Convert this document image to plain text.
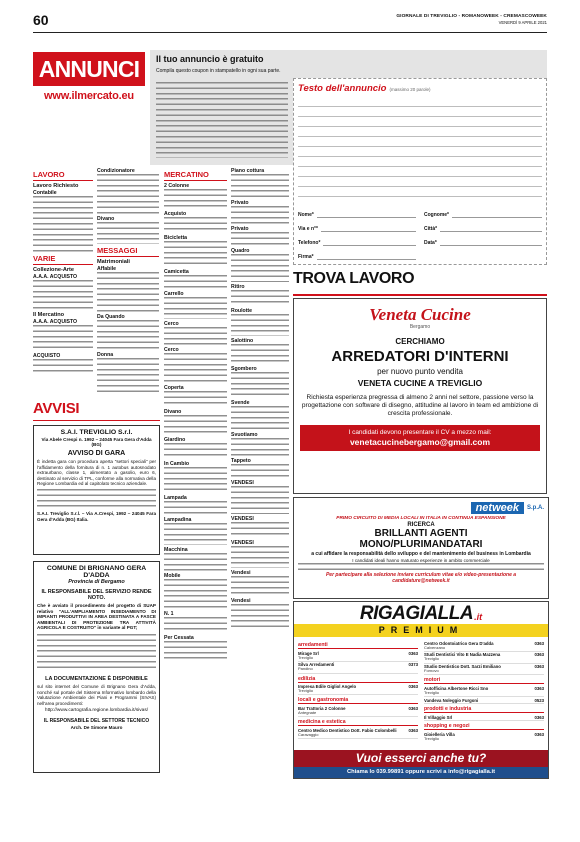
60	GIORNALE DI TREVIGLIO - ROMANOWEEK - CREMASCOWEEK
VENERDÌ 9 APRILE 2021
ANNUNCI
www.ilmercato.eu
Il tuo annuncio è gratuito
Compila questo coupon in stampatello in ogni sua parte.
Testo dell'annuncio (massimo 20 parole)
Nome*	Cognome*
Via e n°*	Città*
Telefono*	Data*
Firma*
LAVORO
Lavoro Richiesto
Contabile
VARIE
Collezione-Arte
A.A.A. ACQUISTO
Il Mercatino
A.A.A. ACQUISTO
ACQUISTO
Condizionatore
Divano
MESSAGGI
Matrimoniali
Affabile
Da Quando
Donna
MERCATINO
2 Colonne
Acquisto
Bicicletta
Camicetta
Carrello
Cerco
Cerco
Coperta
Divano
Giardino
In Cambio
Lampada
Lampadina
Macchina
Mobile
N. 1
Per Cessata
Piano cottura
Privato
Privato
Quadro
Ritiro
Roulotte
Salottino
Sgombero
Svende
Svuotiamo
Tappeto
VENDESI
VENDESI
VENDESI
Vendesi
Vendesi
AVVISI
S.A.I. TREVIGLIO S.r.l.
Via Abele Crespi n. 1992 – 24045 Fara Gera d'Adda (BG)
AVVISO DI GARA
È indetta gara con procedura aperta "settori speciali" per l'affidamento della fornitura di n. 1 autobus autosnodato extraurbano, classe 1, alimentato a gasolio, euro 6, destinato al servizio di TPL, conforme alla normativa della Regione Lombardia ed al capitolato tecnico aziendale.
S.A.I. Treviglio S.r.l. – Via A.Crespi, 1992 – 24045 Fara Gera d'Adda (BG) Italia.
COMUNE DI BRIGNANO GERA D'ADDA
Provincia di Bergamo
IL RESPONSABILE DEL SERVIZIO RENDE NOTO.
Che è avviato il procedimento del progetto di SUAP relativo "ALL'AMPLIAMENTO INSEDIAMENTO DI IMPIANTI PRODUTTIVI IN AREA DESTINATA A FASCE AMBIENTALI DI PROTEZIONE TRA ATTIVITÀ AGRICOLA E COSTRUITO" in variante al PGT;
LA DOCUMENTAZIONE È DISPONIBILE
sul sito internet del Comune di Brignano Gera d'Adda, nonché sul portale del Sistema Informativo lombardo della Valutazione Ambientale dei Piani e Programmi (SIVAS) nell'area procedimenti:
http://www.cartografia.regione.lombardia.it/sivas/
IL RESPONSABILE DEL SETTORE TECNICO
Arch. De Simone Mauro
TROVA LAVORO
Veneta Cucine
Bergamo
CERCHIAMO
ARREDATORI D'INTERNI
per nuovo punto vendita
VENETA CUCINE A TREVIGLIO
Richiesta esperienza pregressa di almeno 2 anni nel settore, passione verso la progettazione con software di disegno, attitudine al lavoro in team ed ambizione di crescita professionale.
I candidati devono presentare il CV a mezzo mail:
venetacucinebergamo@gmail.com
netweek	S.p.A.
PRIMO CIRCUITO DI MEDIA LOCALI IN ITALIA IN CONTINUA ESPANSIONE
RICERCA
BRILLANTI AGENTI
MONO/PLURIMANDATARI
a cui affidare la responsabilità dello sviluppo e del mantenimento del business in Lombardia
I candidati ideali hanno maturato esperienze in ambito commerciale
Per partecipare alla selezione inviare curriculum vitae e/o video-presentazione a candidature@netweek.it
RIGAGIALLA .it
PREMIUM
arredamenti
Mirage Srl
Treviglio
0363
Silva Arredamenti
Pandino
0373
edilizia
Impresa Edile Gigliol Angelo
Treviglio
0363
locali e gastronomia
Bar Trattoria 2 Colonne
Antegnate
0363
medicina e estetica
Centro Medico Dentistico Dott. Fabio Colombelli
Caravaggio
0363
Centro Odontoiatrico Gera D'adda
Calvenzano
0363
Studi Dentistici Vito E Nadia Mazzena
Treviglio
0363
Studio Dentistico Dott. Sarzi Emiliano
Fornovo
0363
motori
Autofficina Albertone Ricci Sno
Treviglio
0363
Vandeva Noleggio Furgoni	0523
prodotti e industria
Il Villaggio Srl	0363
shopping e negozi
Gioielleria Villa
Treviglio
0363
Vuoi esserci anche tu?
Chiama lo 039.99891 oppure scrivi a info@rigagialla.it
